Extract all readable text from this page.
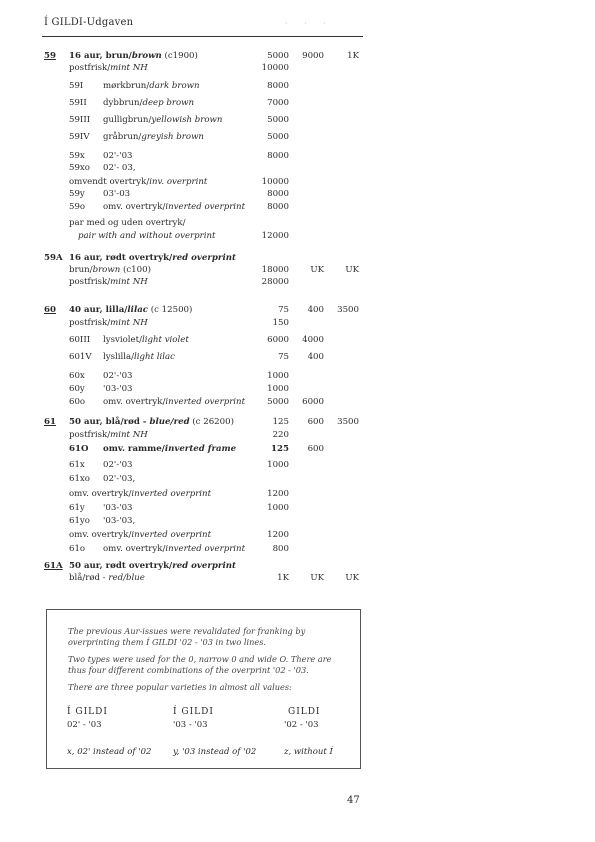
Í GILDI-Udgaven	· · ·
59 16 aur, brun/brown (c1900)	5000 9000	1K
postfrisk/mint NH	10000
59I mørkbrun/dark brown	8000
59II dybbrun/deep brown	7000
59III gulligbrun/yellowish brown	5000
59IV gråbrun/greyish brown	5000
59x 02'-'03	8000
59xo 02'- 03,
omvendt overtryk/inv. overprint	10000
59y 03'-03	8000
59o omv. overtryk/inverted overprint	8000
par med og uden overtryk/
pair with and without overprint	12000
59A 16 aur, rødt overtryk/red overprint
brun/brown (c100)	18000 UK UK
postfrisk/mint NH	28000
60 40 aur, lilla/lilac (c 12500)	75 400 3500
postfrisk/mint NH	150
60III lysviolet/light violet	6000 4000
601V lyslilla/light lilac	75 400
60x 02'-'03	1000
60y '03-'03	1000
60o omv. overtryk/inverted overprint	5000 6000
61 50 aur, blå/rød - blue/red (c 26200)	125 600 3500
postfrisk/mint NH	220
61O omv. ramme/inverted frame	125 600
61x 02'-'03	1000
61xo 02'-'03,
omv. overtryk/inverted overprint	1200
61y '03-'03	1000
61yo '03-'03,
omv. overtryk/inverted overprint	1200
61o omv. overtryk/inverted overprint	800
61A 50 aur, rødt overtryk/red overprint
blå/rød - red/blue	1K UK UK
The previous Aur-issues were revalidated for franking by overprinting them Í GILDI '02 - '03 in two lines.
Two types were used for the 0, narrow 0 and wide O. There are thus four different combinations of the overprint '02 - '03.
There are three popular varieties in almost all values:
Í GILDI
02' - '03
x, 02' instead of '02
Í GILDI
'03 - '03
y, '03 instead of '02
GILDI
'02 - '03
z, without Í
47
